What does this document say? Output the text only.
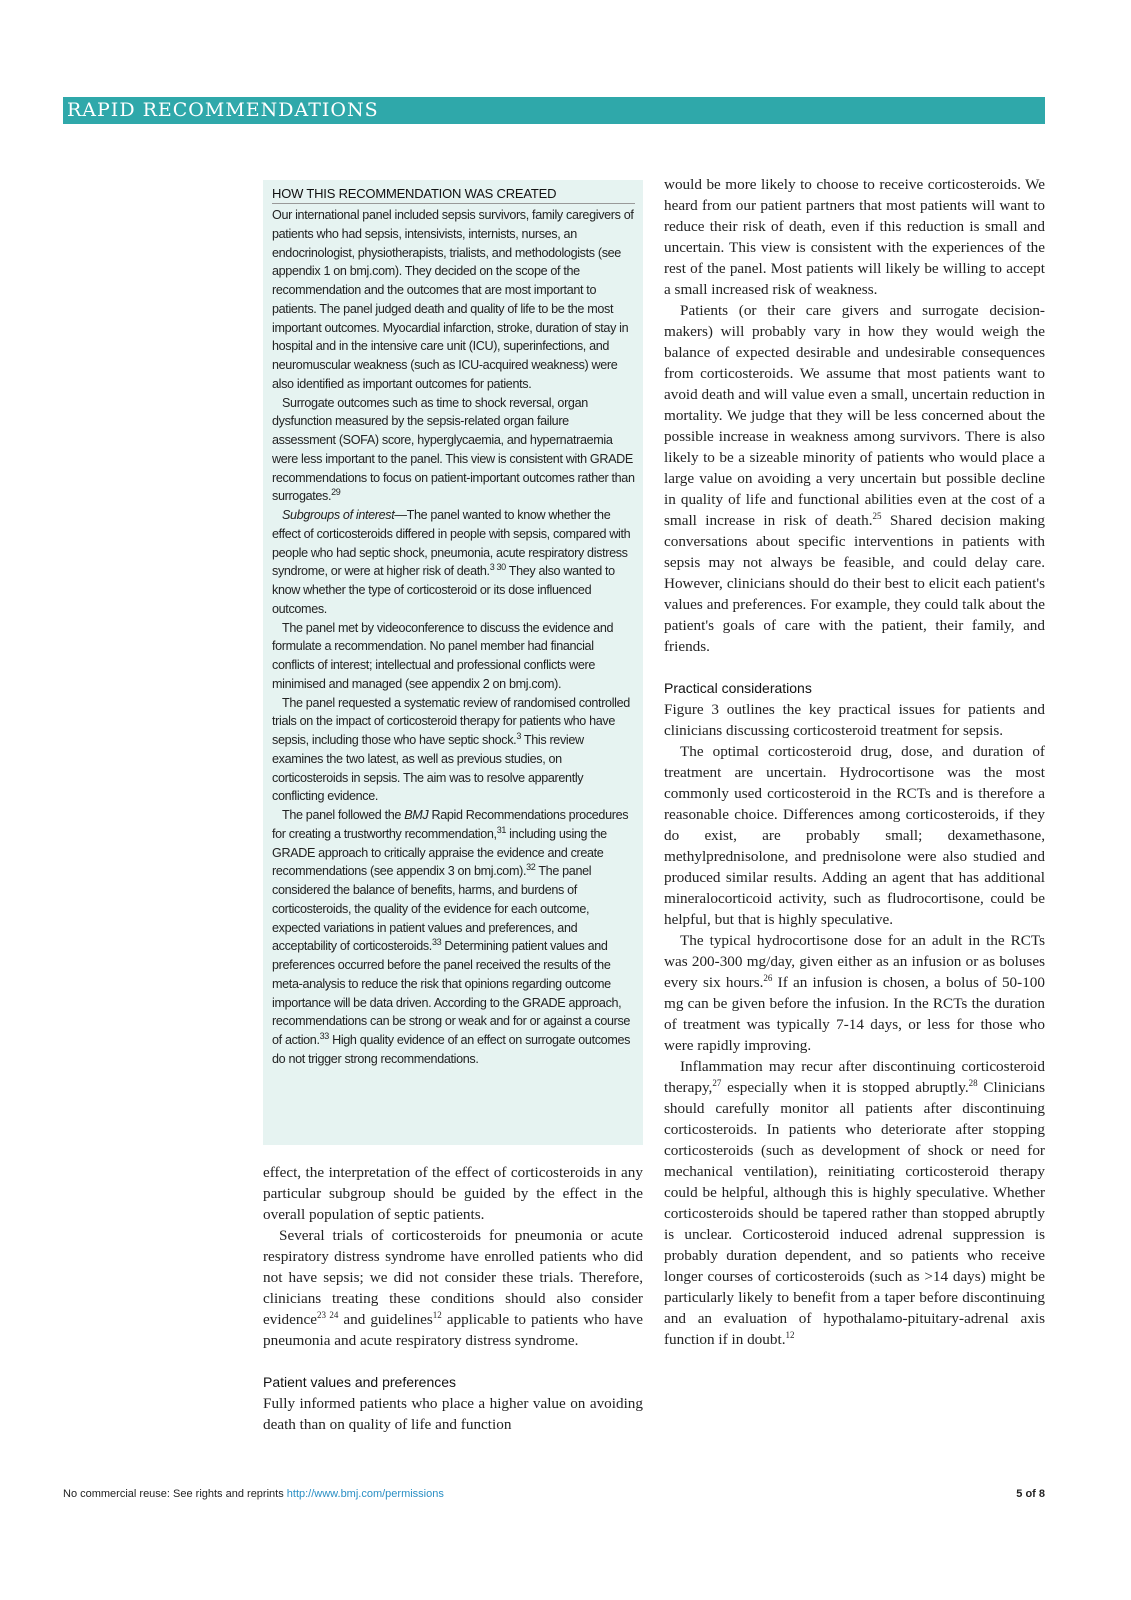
RAPID RECOMMENDATIONS
HOW THIS RECOMMENDATION WAS CREATED

Our international panel included sepsis survivors, family caregivers of patients who had sepsis, intensivists, internists, nurses, an endocrinologist, physiotherapists, trialists, and methodologists (see appendix 1 on bmj.com). They decided on the scope of the recommendation and the outcomes that are most important to patients. The panel judged death and quality of life to be the most important outcomes. Myocardial infarction, stroke, duration of stay in hospital and in the intensive care unit (ICU), superinfections, and neuromuscular weakness (such as ICU-acquired weakness) were also identified as important outcomes for patients.

Surrogate outcomes such as time to shock reversal, organ dysfunction measured by the sepsis-related organ failure assessment (SOFA) score, hyperglycaemia, and hypernatraemia were less important to the panel. This view is consistent with GRADE recommendations to focus on patient-important outcomes rather than surrogates.$^{29}$

Subgroups of interest—The panel wanted to know whether the effect of corticosteroids differed in people with sepsis, compared with people who had septic shock, pneumonia, acute respiratory distress syndrome, or were at higher risk of death.$^{3 30}$ They also wanted to know whether the type of corticosteroid or its dose influenced outcomes.

The panel met by videoconference to discuss the evidence and formulate a recommendation. No panel member had financial conflicts of interest; intellectual and professional conflicts were minimised and managed (see appendix 2 on bmj.com).

The panel requested a systematic review of randomised controlled trials on the impact of corticosteroid therapy for patients who have sepsis, including those who have septic shock.$^3$ This review examines the two latest, as well as previous studies, on corticosteroids in sepsis. The aim was to resolve apparently conflicting evidence.

The panel followed the BMJ Rapid Recommendations procedures for creating a trustworthy recommendation,$^{31}$ including using the GRADE approach to critically appraise the evidence and create recommendations (see appendix 3 on bmj.com).$^{32}$ The panel considered the balance of benefits, harms, and burdens of corticosteroids, the quality of the evidence for each outcome, expected variations in patient values and preferences, and acceptability of corticosteroids.$^{33}$ Determining patient values and preferences occurred before the panel received the results of the meta-analysis to reduce the risk that opinions regarding outcome importance will be data driven. According to the GRADE approach, recommendations can be strong or weak and for or against a course of action.$^{33}$ High quality evidence of an effect on surrogate outcomes do not trigger strong recommendations.

effect, the interpretation of the effect of corticosteroids in any particular subgroup should be guided by the effect in the overall population of septic patients.

Several trials of corticosteroids for pneumonia or acute respiratory distress syndrome have enrolled patients who did not have sepsis; we did not consider these trials. Therefore, clinicians treating these conditions should also consider evidence$^{23 24}$ and guidelines$^{12}$ applicable to patients who have pneumonia and acute respiratory distress syndrome.

Patient values and preferences

Fully informed patients who place a higher value on avoiding death than on quality of life and function

would be more likely to choose to receive corticosteroids. We heard from our patient partners that most patients will want to reduce their risk of death, even if this reduction is small and uncertain. This view is consistent with the experiences of the rest of the panel. Most patients will likely be willing to accept a small increased risk of weakness.

Patients (or their care givers and surrogate decision-makers) will probably vary in how they would weigh the balance of expected desirable and undesirable consequences from corticosteroids. We assume that most patients want to avoid death and will value even a small, uncertain reduction in mortality. We judge that they will be less concerned about the possible increase in weakness among survivors. There is also likely to be a sizeable minority of patients who would place a large value on avoiding a very uncertain but possible decline in quality of life and functional abilities even at the cost of a small increase in risk of death.$^{25}$ Shared decision making conversations about specific interventions in patients with sepsis may not always be feasible, and could delay care. However, clinicians should do their best to elicit each patient's values and preferences. For example, they could talk about the patient's goals of care with the patient, their family, and friends.

Practical considerations

Figure 3 outlines the key practical issues for patients and clinicians discussing corticosteroid treatment for sepsis.

The optimal corticosteroid drug, dose, and duration of treatment are uncertain. Hydrocortisone was the most commonly used corticosteroid in the RCTs and is therefore a reasonable choice. Differences among corticosteroids, if they do exist, are probably small; dexamethasone, methylprednisolone, and prednisolone were also studied and produced similar results. Adding an agent that has additional mineralocorticoid activity, such as fludrocortisone, could be helpful, but that is highly speculative.

The typical hydrocortisone dose for an adult in the RCTs was 200-300 mg/day, given either as an infusion or as boluses every six hours.$^{26}$ If an infusion is chosen, a bolus of 50-100 mg can be given before the infusion. In the RCTs the duration of treatment was typically 7-14 days, or less for those who were rapidly improving.

Inflammation may recur after discontinuing corticosteroid therapy,$^{27}$ especially when it is stopped abruptly.$^{28}$ Clinicians should carefully monitor all patients after discontinuing corticosteroids. In patients who deteriorate after stopping corticosteroids (such as development of shock or need for mechanical ventilation), reinitiating corticosteroid therapy could be helpful, although this is highly speculative. Whether corticosteroids should be tapered rather than stopped abruptly is unclear. Corticosteroid induced adrenal suppression is probably duration dependent, and so patients who receive longer courses of corticosteroids (such as >14 days) might be particularly likely to benefit from a taper before discontinuing and an evaluation of hypothalamo-pituitary-adrenal axis function if in doubt.$^{12}$

No commercial reuse: See rights and reprints http://www.bmj.com/permissions	5 of 8
